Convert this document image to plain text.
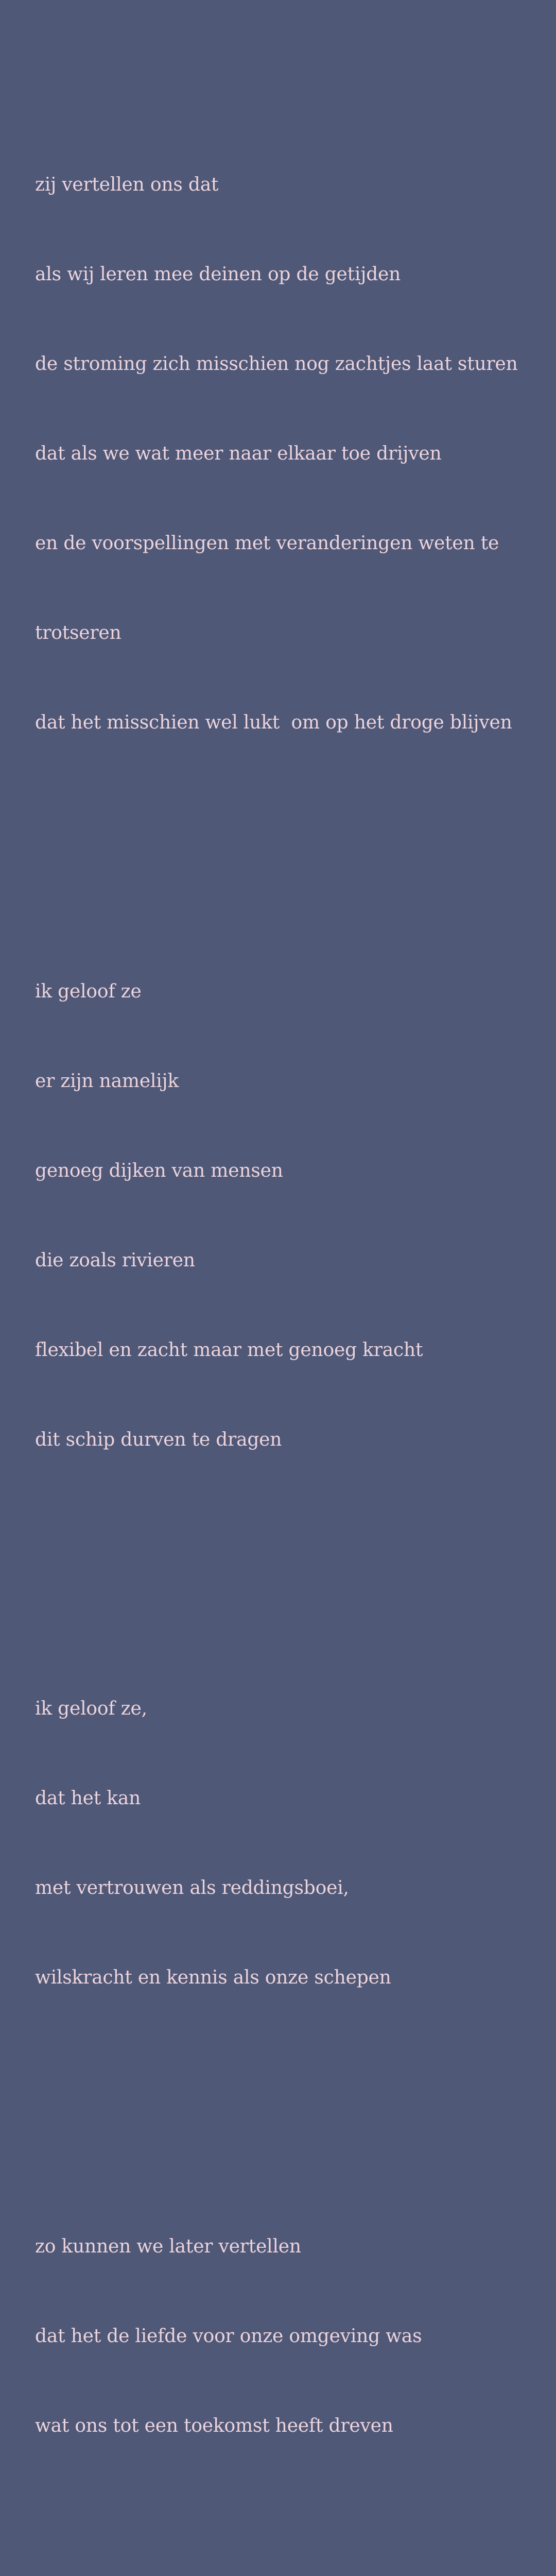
zij vertellen ons dat

als wij leren mee deinen op de getijden

de stroming zich misschien nog zachtjes laat sturen

dat als we wat meer naar elkaar toe drijven

en de voorspellingen met veranderingen weten te

trotseren

dat het misschien wel lukt  om op het droge blijven

ik geloof ze

er zijn namelijk

genoeg dijken van mensen

die zoals rivieren

flexibel en zacht maar met genoeg kracht

dit schip durven te dragen

ik geloof ze,

dat het kan

met vertrouwen als reddingsboei,

wilskracht en kennis als onze schepen

zo kunnen we later vertellen

dat het de liefde voor onze omgeving was

wat ons tot een toekomst heeft dreven
